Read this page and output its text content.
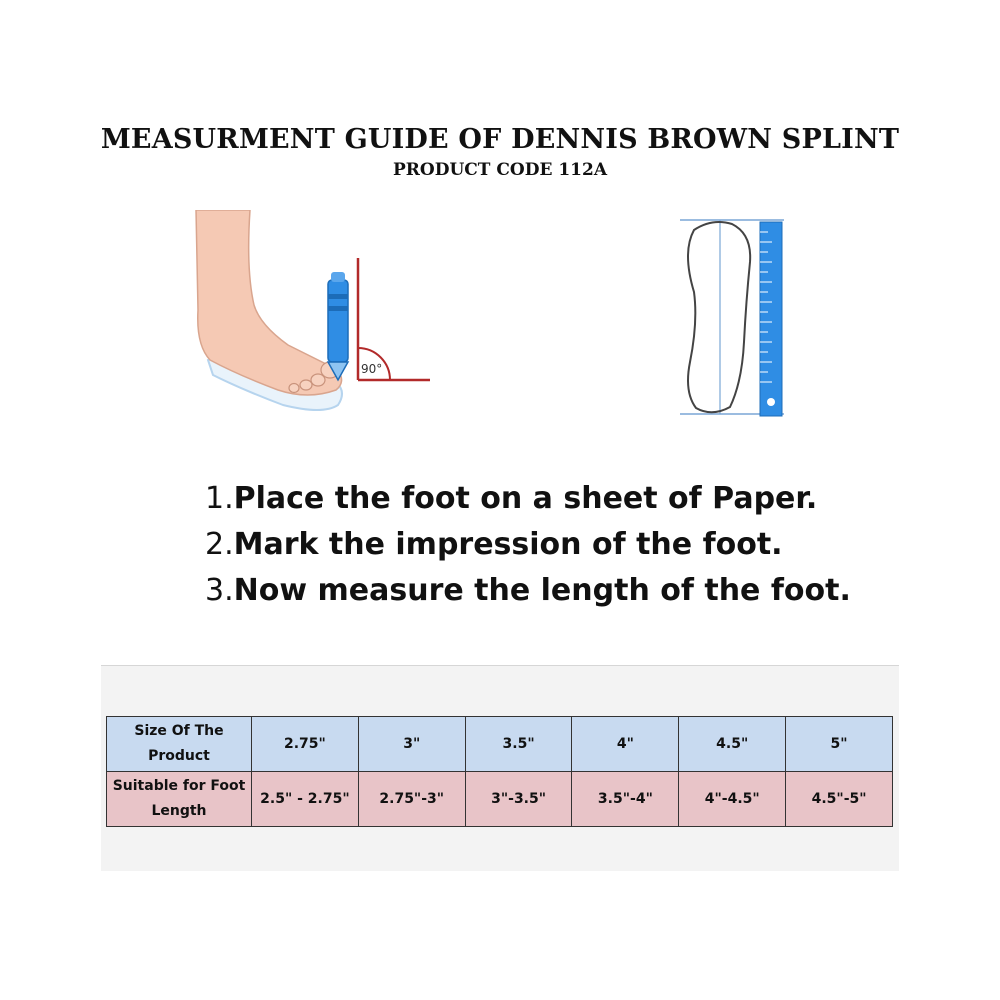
MEASURMENT GUIDE OF DENNIS BROWN SPLINT
PRODUCT CODE 112A
90°
1.Place the foot on a sheet of Paper.
2.Mark the impression of the foot.
3.Now measure the length of the foot.
Size Of The Product	2.75"	3"	3.5"	4"	4.5"	5"
Suitable for Foot Length	2.5" - 2.75"	2.75"-3"	3"-3.5"	3.5"-4"	4"-4.5"	4.5"-5"
